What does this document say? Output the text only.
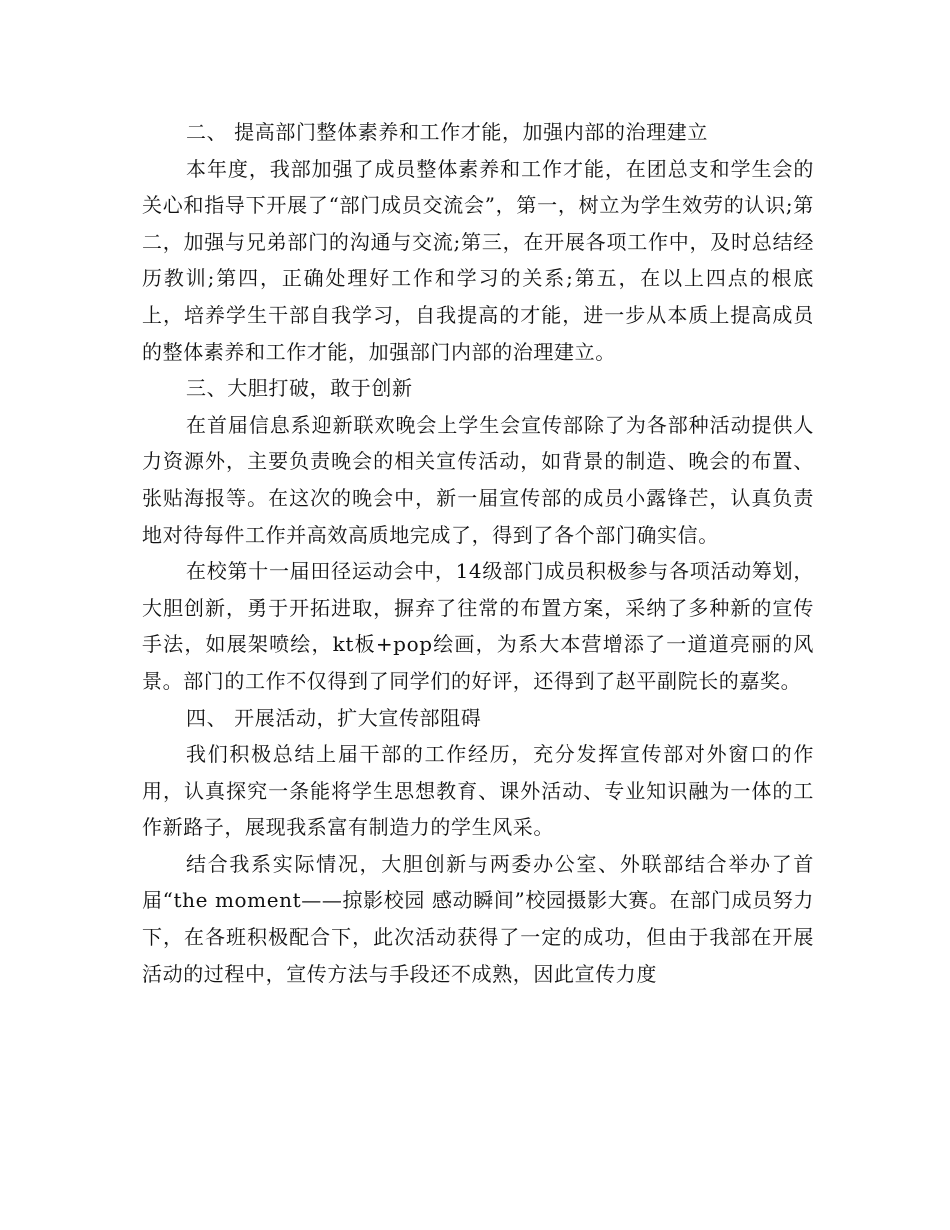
二、 提高部门整体素养和工作才能，加强内部的治理建立

本年度，我部加强了成员整体素养和工作才能，在团总支和学生会的关心和指导下开展了“部门成员交流会”，第一，树立为学生效劳的认识;第二，加强与兄弟部门的沟通与交流;第三，在开展各项工作中，及时总结经历教训;第四，正确处理好工作和学习的关系;第五，在以上四点的根底上，培养学生干部自我学习，自我提高的才能，进一步从本质上提高成员的整体素养和工作才能，加强部门内部的治理建立。

三、大胆打破，敢于创新

在首届信息系迎新联欢晚会上学生会宣传部除了为各部种活动提供人力资源外，主要负责晚会的相关宣传活动，如背景的制造、晚会的布置、张贴海报等。在这次的晚会中，新一届宣传部的成员小露锋芒，认真负责地对待每件工作并高效高质地完成了，得到了各个部门确实信。

在校第十一届田径运动会中，14级部门成员积极参与各项活动筹划，大胆创新，勇于开拓进取，摒弃了往常的布置方案，采纳了多种新的宣传手法，如展架喷绘，kt板+pop绘画，为系大本营增添了一道道亮丽的风景。部门的工作不仅得到了同学们的好评，还得到了赵平副院长的嘉奖。

四、 开展活动，扩大宣传部阻碍

我们积极总结上届干部的工作经历，充分发挥宣传部对外窗口的作用，认真探究一条能将学生思想教育、课外活动、专业知识融为一体的工作新路子，展现我系富有制造力的学生风采。

结合我系实际情况，大胆创新与两委办公室、外联部结合举办了首届“the moment——掠影校园 感动瞬间”校园摄影大赛。在部门成员努力下，在各班积极配合下，此次活动获得了一定的成功，但由于我部在开展活动的过程中，宣传方法与手段还不成熟，因此宣传力度
